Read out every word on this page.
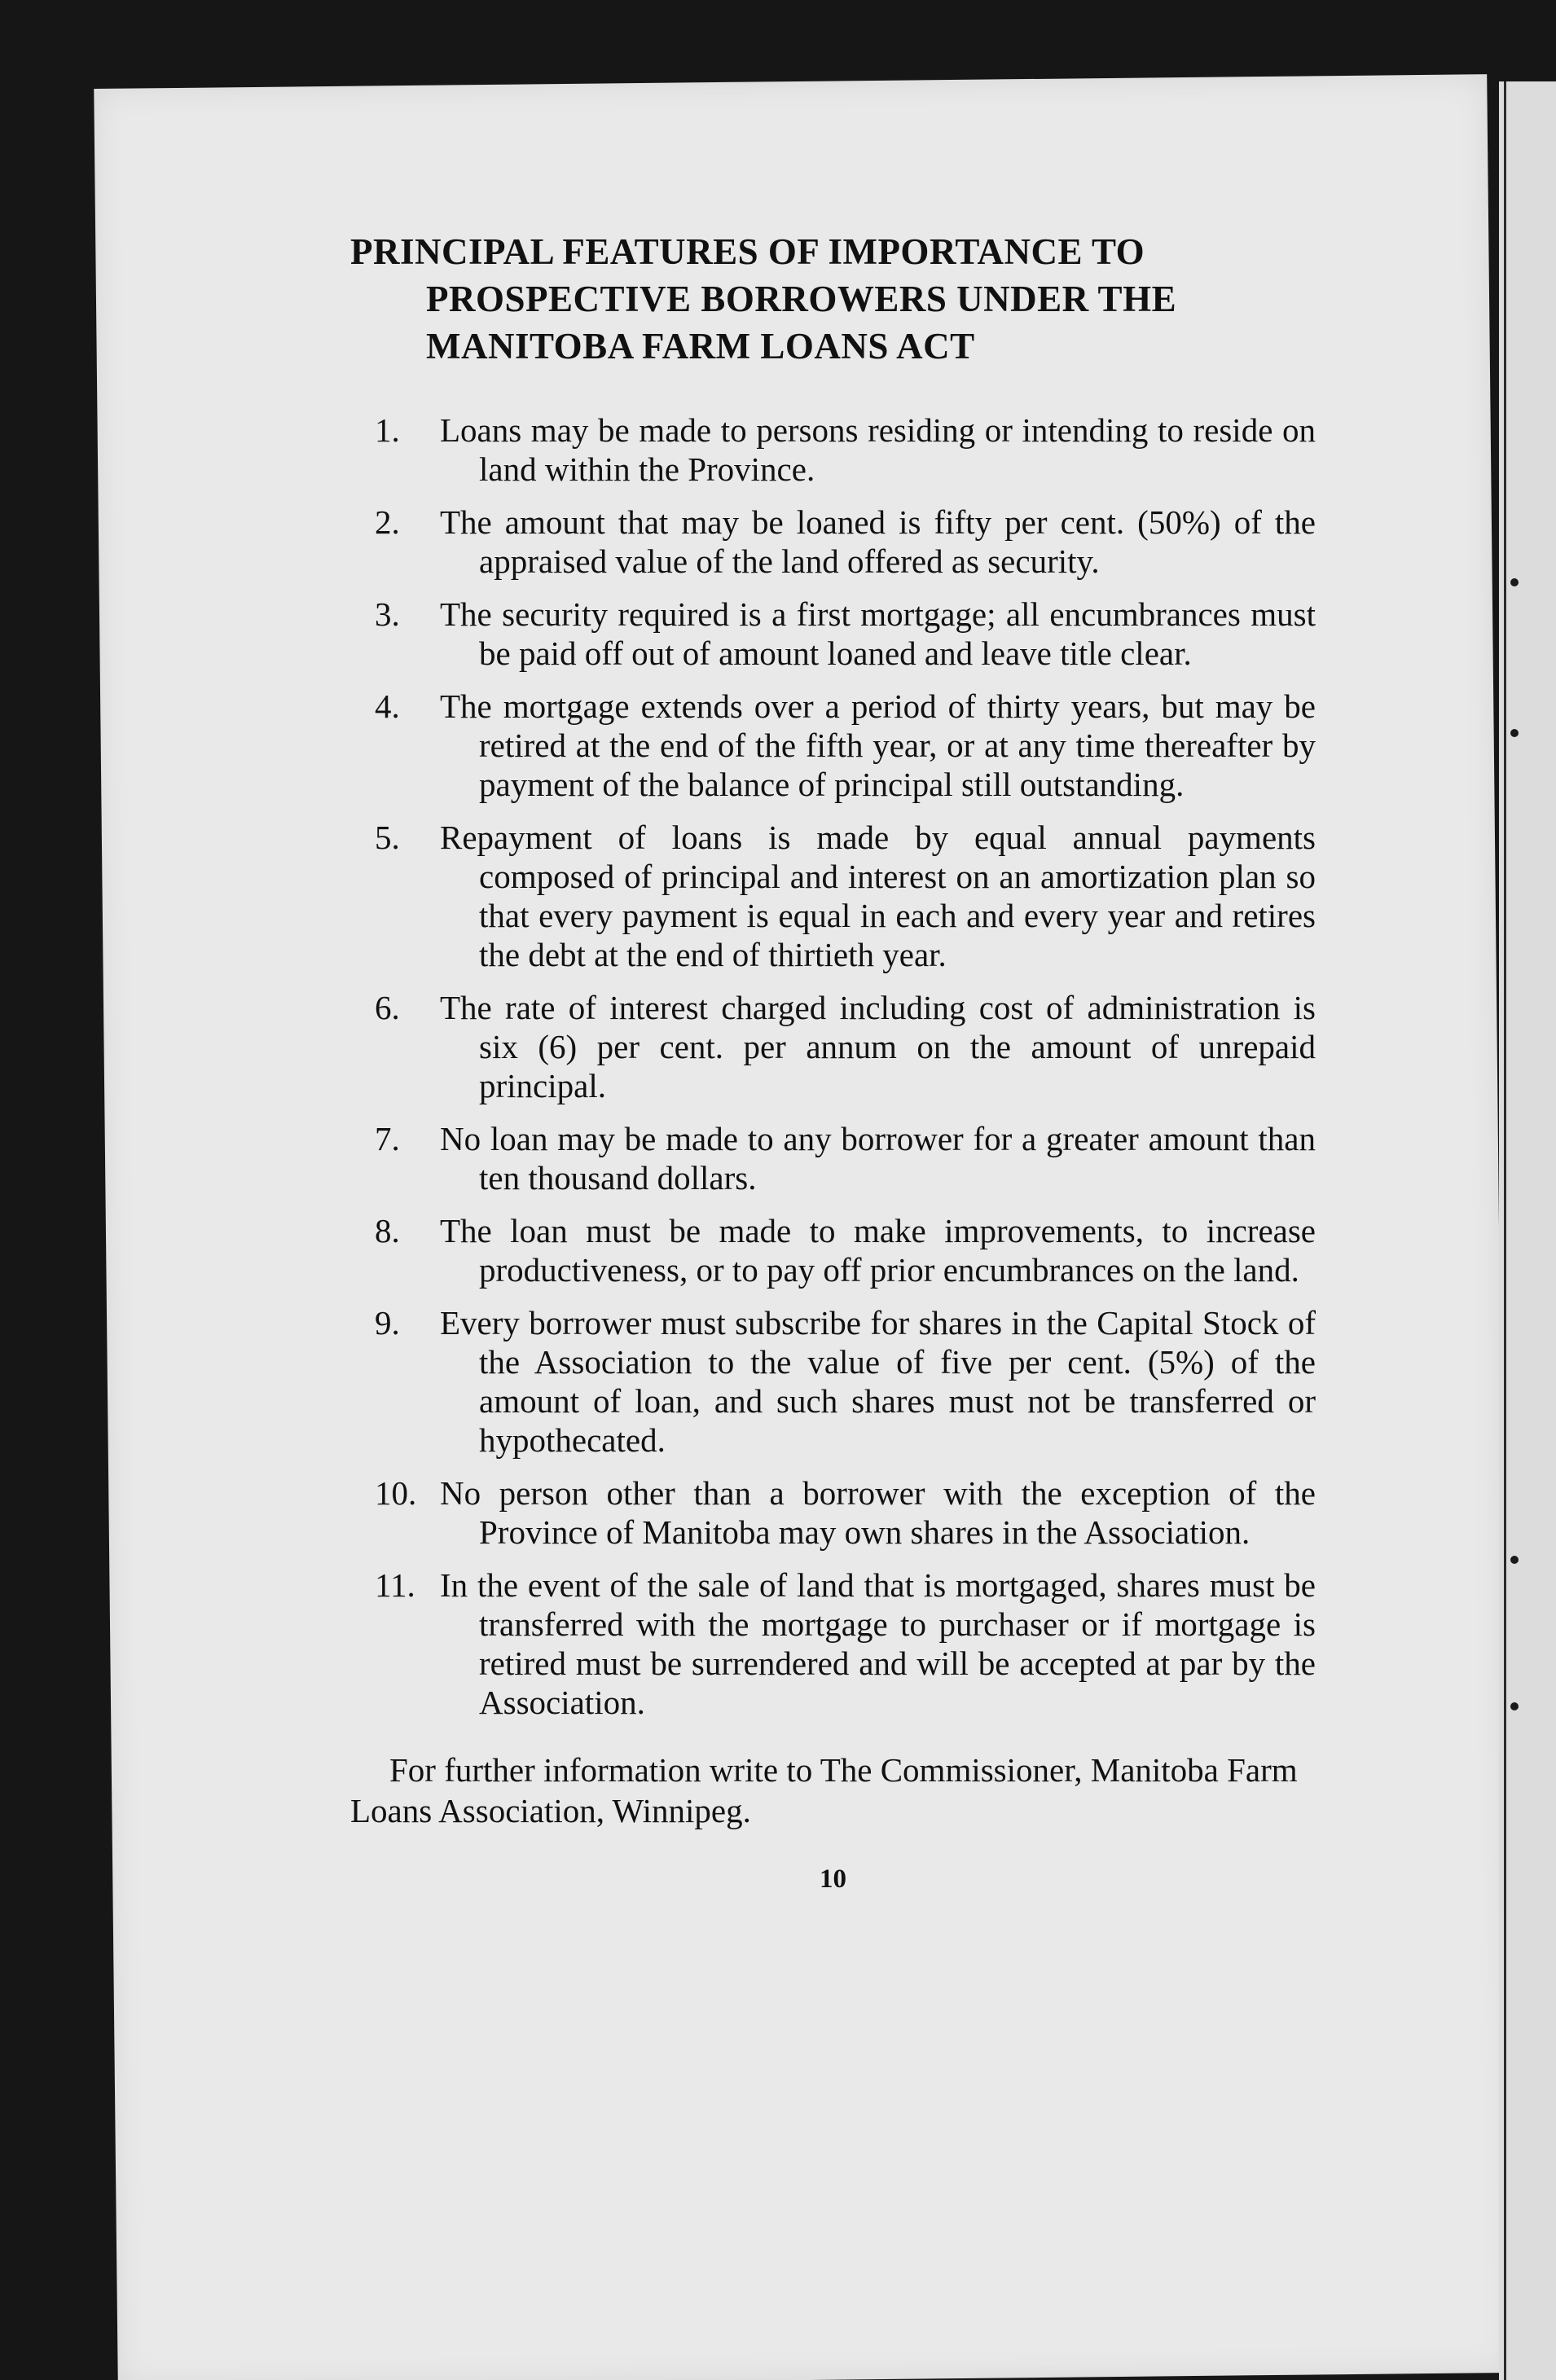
PRINCIPAL FEATURES OF IMPORTANCE TO PROSPECTIVE BORROWERS UNDER THE MANITOBA FARM LOANS ACT
1.	Loans may be made to persons residing or intending to reside on land within the Province.
2.	The amount that may be loaned is fifty per cent. (50%) of the appraised value of the land offered as security.
3.	The security required is a first mortgage; all encumbrances must be paid off out of amount loaned and leave title clear.
4.	The mortgage extends over a period of thirty years, but may be retired at the end of the fifth year, or at any time thereafter by payment of the balance of principal still outstanding.
5.	Repayment of loans is made by equal annual payments composed of principal and interest on an amortization plan so that every payment is equal in each and every year and retires the debt at the end of thirtieth year.
6.	The rate of interest charged including cost of administration is six (6) per cent. per annum on the amount of unrepaid principal.
7.	No loan may be made to any borrower for a greater amount than ten thousand dollars.
8.	The loan must be made to make improvements, to increase productiveness, or to pay off prior encumbrances on the land.
9.	Every borrower must subscribe for shares in the Capital Stock of the Association to the value of five per cent. (5%) of the amount of loan, and such shares must not be transferred or hypothecated.
10. No person other than a borrower with the exception of the Province of Manitoba may own shares in the Association.
11. In the event of the sale of land that is mortgaged, shares must be transferred with the mortgage to purchaser or if mortgage is retired must be surrendered and will be accepted at par by the Association.

For further information write to The Commissioner, Manitoba Farm Loans Association, Winnipeg.

10
